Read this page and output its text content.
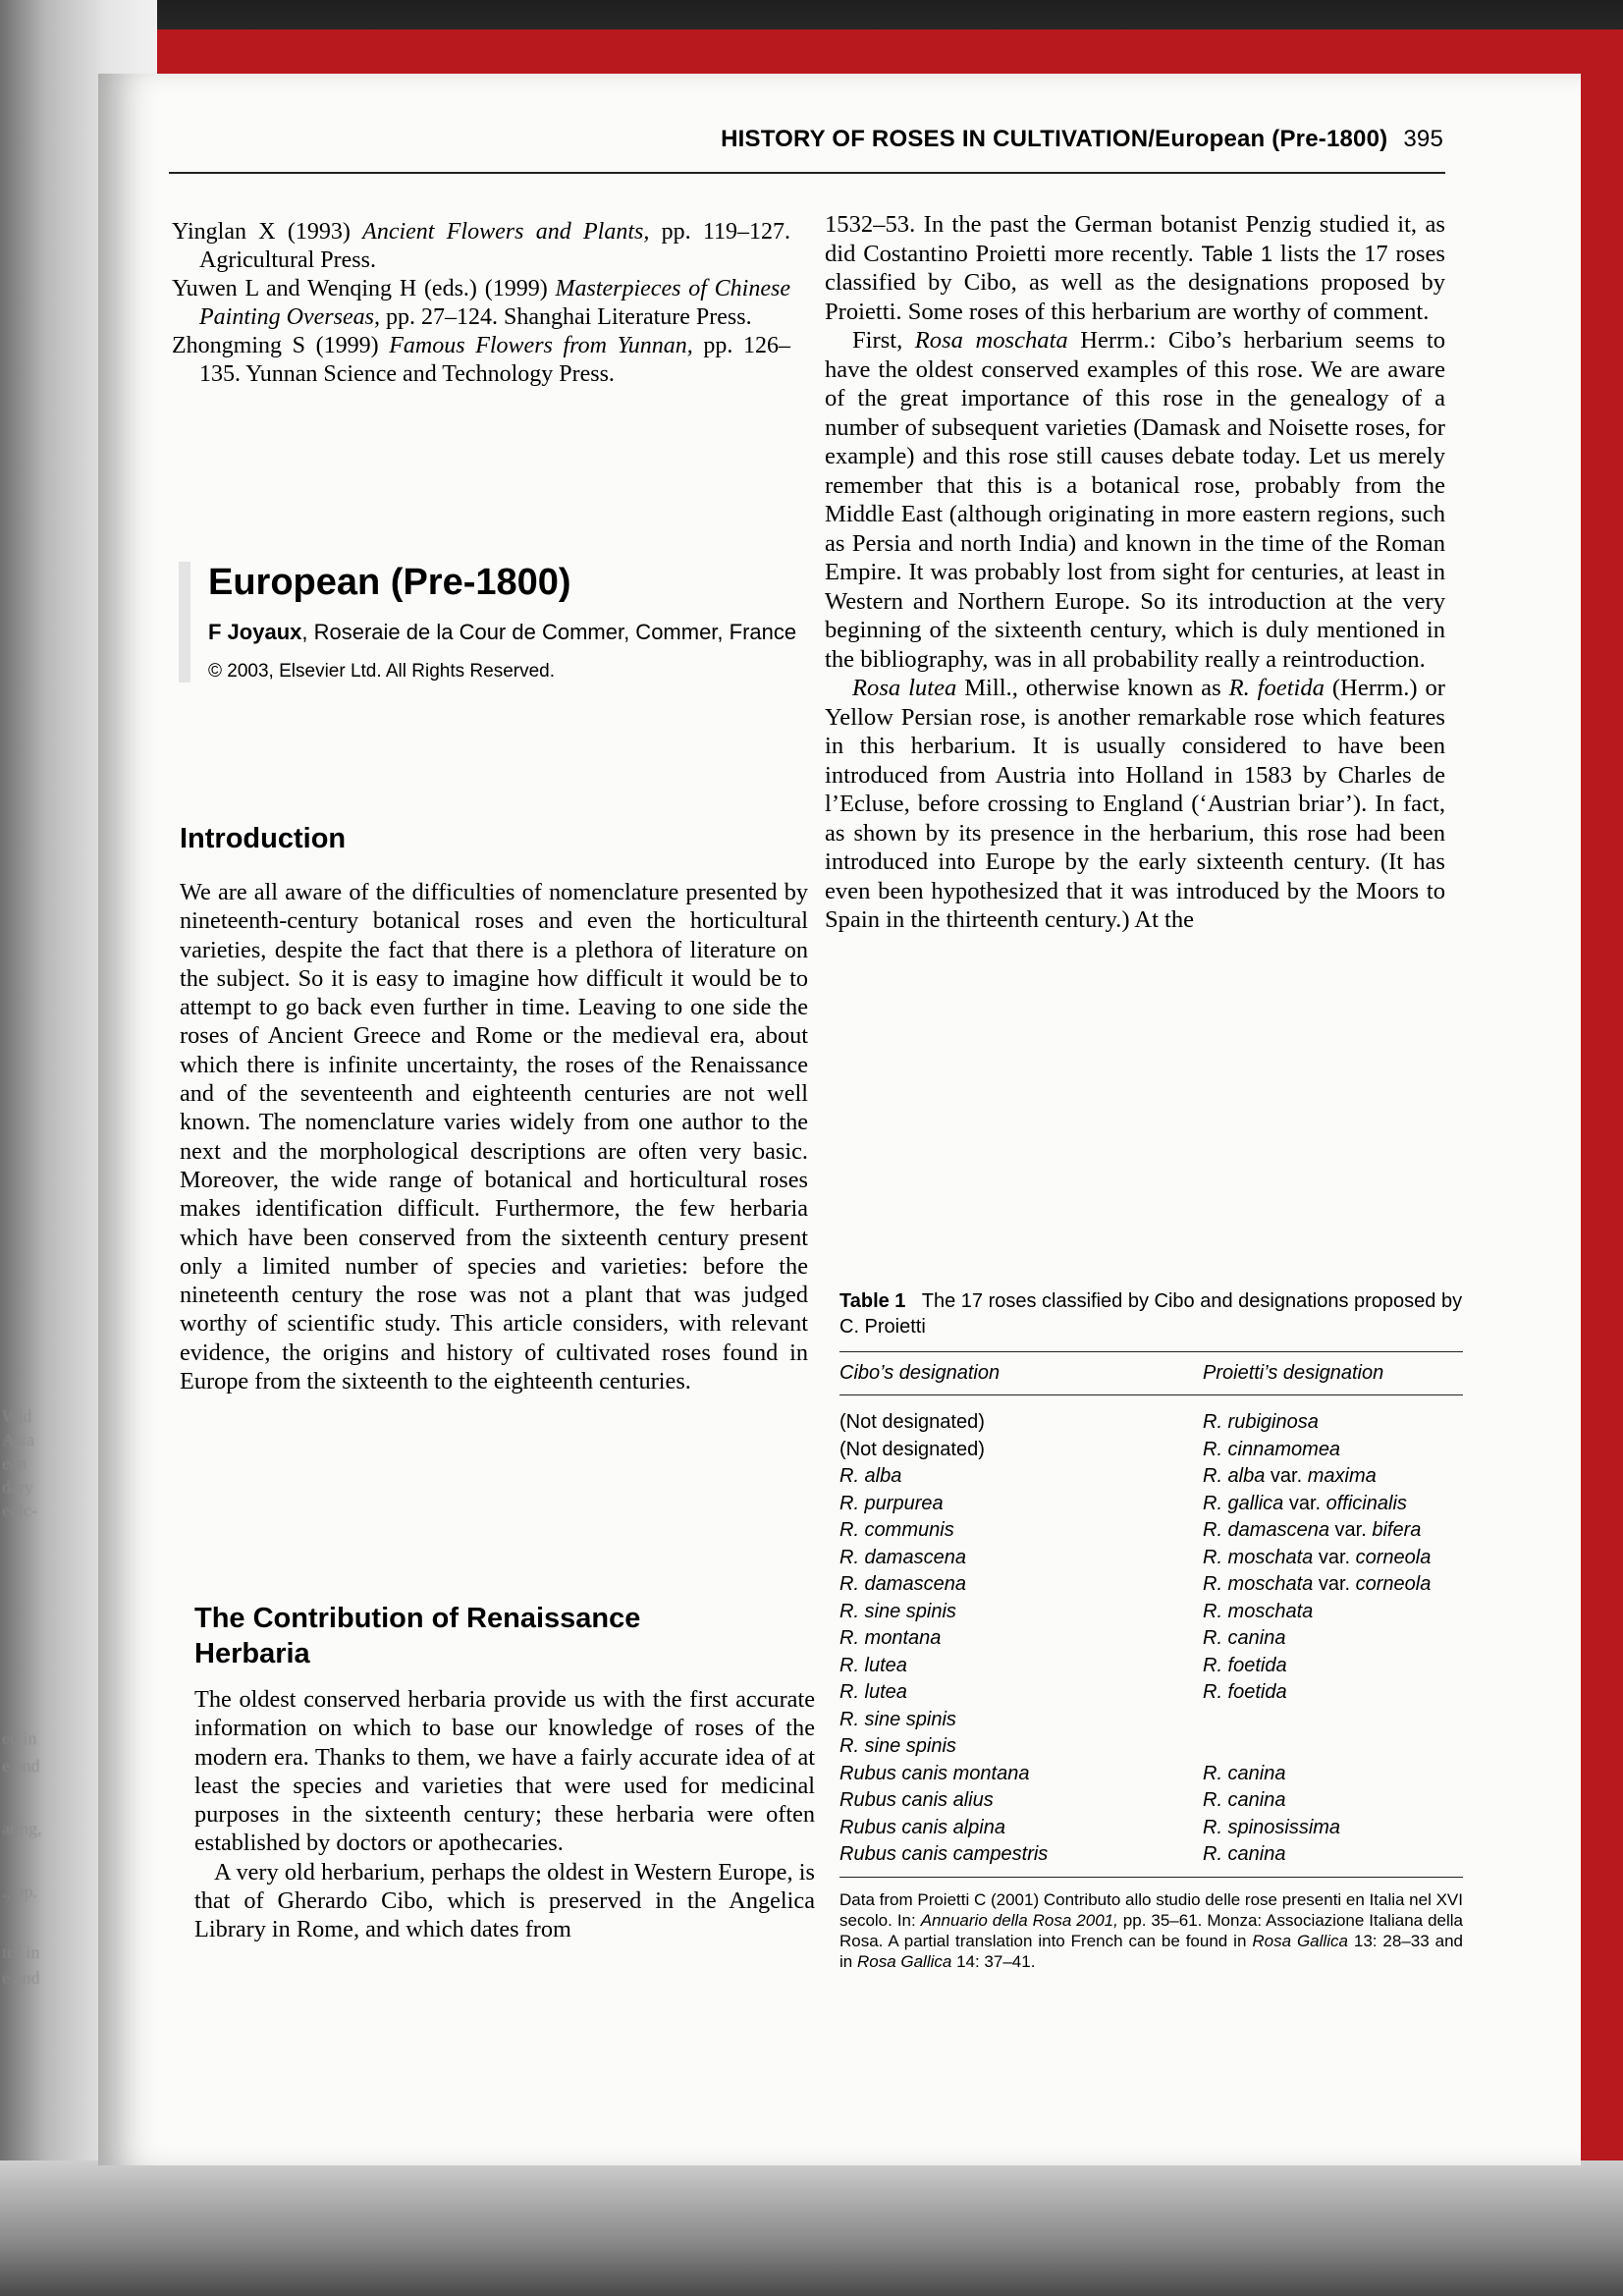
Wid
Asia
ean
dary
edic-
ed in
e and
ating,
., pp.
try in
e and
HISTORY OF ROSES IN CULTIVATION/European (Pre-1800) 395

Yinglan X (1993) Ancient Flowers and Plants, pp. 119–127. Agricultural Press.

Yuwen L and Wenqing H (eds.) (1999) Masterpieces of Chinese Painting Overseas, pp. 27–124. Shanghai Literature Press.

Zhongming S (1999) Famous Flowers from Yunnan, pp. 126–135. Yunnan Science and Technology Press.

European (Pre-1800)
F Joyaux, Roseraie de la Cour de Commer, Commer, France
© 2003, Elsevier Ltd. All Rights Reserved.
Introduction

We are all aware of the difficulties of nomenclature presented by nineteenth-century botanical roses and even the horticultural varieties, despite the fact that there is a plethora of literature on the subject. So it is easy to imagine how difficult it would be to attempt to go back even further in time. Leaving to one side the roses of Ancient Greece and Rome or the medieval era, about which there is infinite uncertainty, the roses of the Renaissance and of the seventeenth and eighteenth centuries are not well known. The nomenclature varies widely from one author to the next and the morphological descriptions are often very basic. Moreover, the wide range of botanical and horticultural roses makes identification difficult. Furthermore, the few herbaria which have been conserved from the sixteenth century present only a limited number of species and varieties: before the nineteenth century the rose was not a plant that was judged worthy of scientific study. This article considers, with relevant evidence, the origins and history of cultivated roses found in Europe from the sixteenth to the eighteenth centuries.

The Contribution of Renaissance Herbaria

The oldest conserved herbaria provide us with the first accurate information on which to base our knowledge of roses of the modern era. Thanks to them, we have a fairly accurate idea of at least the species and varieties that were used for medicinal purposes in the sixteenth century; these herbaria were often established by doctors or apothecaries.

A very old herbarium, perhaps the oldest in Western Europe, is that of Gherardo Cibo, which is preserved in the Angelica Library in Rome, and which dates from

1532–53. In the past the German botanist Penzig studied it, as did Costantino Proietti more recently. Table 1 lists the 17 roses classified by Cibo, as well as the designations proposed by Proietti. Some roses of this herbarium are worthy of comment.

First, Rosa moschata Herrm.: Cibo’s herbarium seems to have the oldest conserved examples of this rose. We are aware of the great importance of this rose in the genealogy of a number of subsequent varieties (Damask and Noisette roses, for example) and this rose still causes debate today. Let us merely remember that this is a botanical rose, probably from the Middle East (although originating in more eastern regions, such as Persia and north India) and known in the time of the Roman Empire. It was probably lost from sight for centuries, at least in Western and Northern Europe. So its introduction at the very beginning of the sixteenth century, which is duly mentioned in the bibliography, was in all probability really a reintroduction.

Rosa lutea Mill., otherwise known as R. foetida (Herrm.) or Yellow Persian rose, is another remarkable rose which features in this herbarium. It is usually considered to have been introduced from Austria into Holland in 1583 by Charles de l’Ecluse, before crossing to England (‘Austrian briar’). In fact, as shown by its presence in the herbarium, this rose had been introduced into Europe by the early sixteenth century. (It has even been hypothesized that it was introduced by the Moors to Spain in the thirteenth century.) At the

Table 1 The 17 roses classified by Cibo and designations proposed by C. Proietti
Cibo’s designation	Proietti’s designation
(Not designated)	R. rubiginosa
(Not designated)	R. cinnamomea
R. alba	R. alba var. maxima
R. purpurea	R. gallica var. officinalis
R. communis	R. damascena var. bifera
R. damascena	R. moschata var. corneola
R. damascena	R. moschata var. corneola
R. sine spinis	R. moschata
R. montana	R. canina
R. lutea	R. foetida
R. lutea	R. foetida
R. sine spinis
R. sine spinis
Rubus canis montana	R. canina
Rubus canis alius	R. canina
Rubus canis alpina	R. spinosissima
Rubus canis campestris	R. canina
Data from Proietti C (2001) Contributo allo studio delle rose presenti en Italia nel XVI secolo. In: Annuario della Rosa 2001, pp. 35–61. Monza: Associazione Italiana della Rosa. A partial translation into French can be found in Rosa Gallica 13: 28–33 and in Rosa Gallica 14: 37–41.
